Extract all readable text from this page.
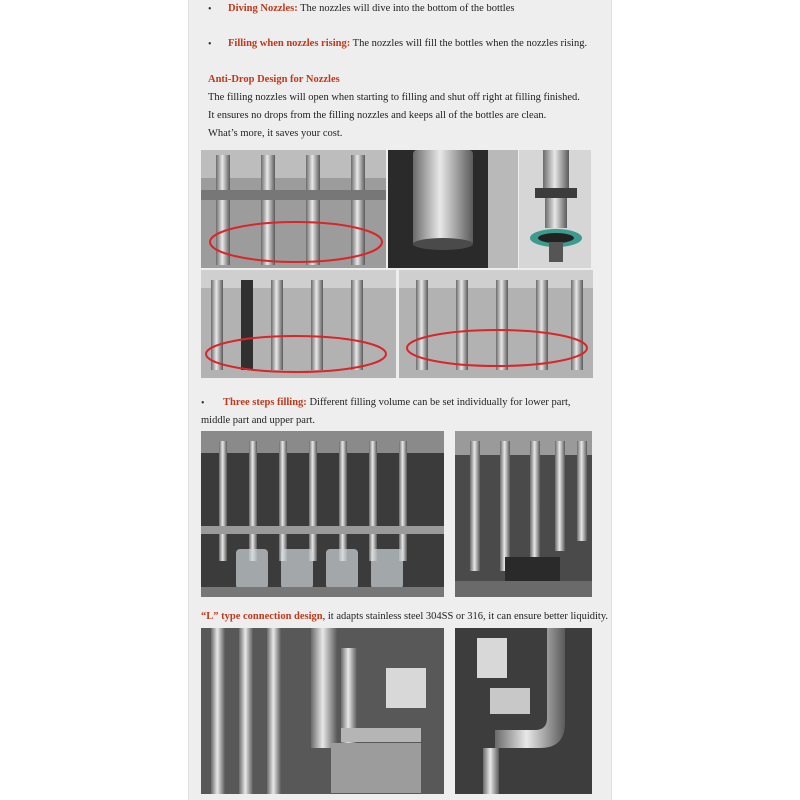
• Diving Nozzles: The nozzles will dive into the bottom of the bottles
• Filling when nozzles rising: The nozzles will fill the bottles when the nozzles rising.
Anti-Drop Design for Nozzles
The filling nozzles will open when starting to filling and shut off right at filling finished.
It ensures no drops from the filling nozzles and keeps all of the bottles are clean.
What’s more, it saves your cost.
• Three steps filling: Different filling volume can be set individually for lower part,
middle part and upper part.
“L” type connection design, it adapts stainless steel 304SS or 316, it can ensure better liquidity.
